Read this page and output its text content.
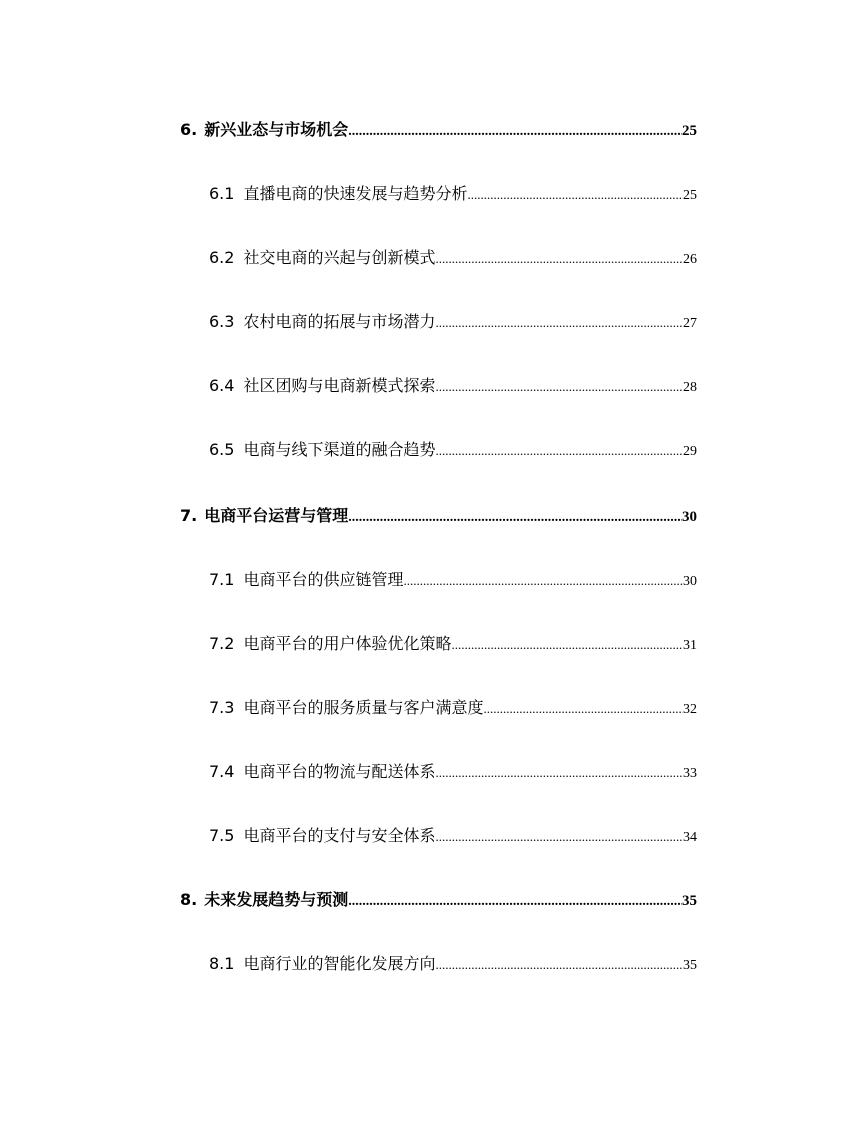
6. 新兴业态与市场机会 .....	25
6.1 直播电商的快速发展与趋势分析 .....	25
6.2 社交电商的兴起与创新模式 .....	26
6.3 农村电商的拓展与市场潜力 .....	27
6.4 社区团购与电商新模式探索 .....	28
6.5 电商与线下渠道的融合趋势 .....	29
7. 电商平台运营与管理 .....	30
7.1 电商平台的供应链管理 .....	30
7.2 电商平台的用户体验优化策略 .....	31
7.3 电商平台的服务质量与客户满意度 .....	32
7.4 电商平台的物流与配送体系 .....	33
7.5 电商平台的支付与安全体系 .....	34
8. 未来发展趋势与预测 .....	35
8.1 电商行业的智能化发展方向 .....	35
